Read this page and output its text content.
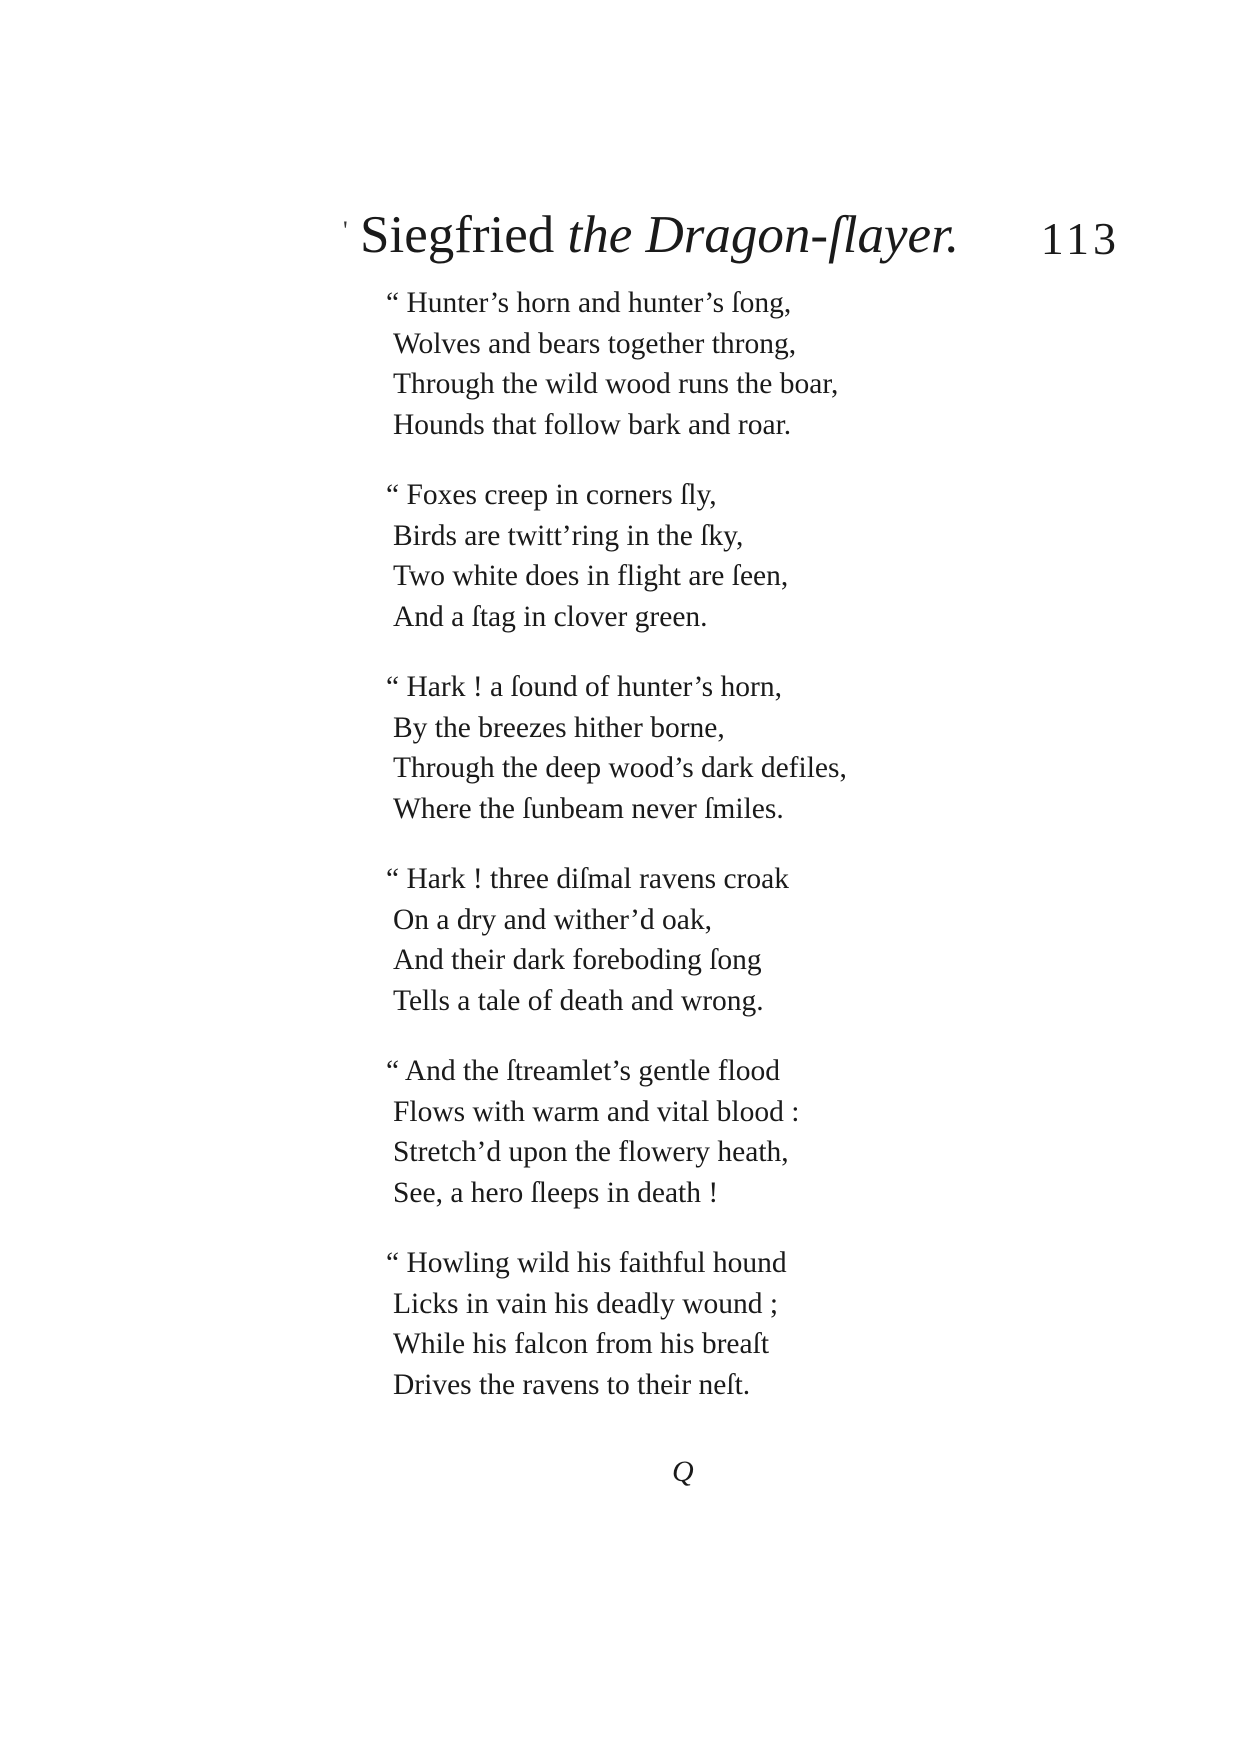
' Siegfried the Dragon-ſlayer. 113
“ Hunter’s horn and hunter’s ſong,
Wolves and bears together throng,
Through the wild wood runs the boar,
Hounds that follow bark and roar.
“ Foxes creep in corners ſly,
Birds are twitt’ring in the ſky,
Two white does in flight are ſeen,
And a ſtag in clover green.
“ Hark ! a ſound of hunter’s horn,
By the breezes hither borne,
Through the deep wood’s dark defiles,
Where the ſunbeam never ſmiles.
“ Hark ! three diſmal ravens croak
On a dry and wither’d oak,
And their dark foreboding ſong
Tells a tale of death and wrong.
“ And the ſtreamlet’s gentle flood
Flows with warm and vital blood :
Stretch’d upon the flowery heath,
See, a hero ſleeps in death !
“ Howling wild his faithful hound
Licks in vain his deadly wound ;
While his falcon from his breaſt
Drives the ravens to their neſt.
Q
